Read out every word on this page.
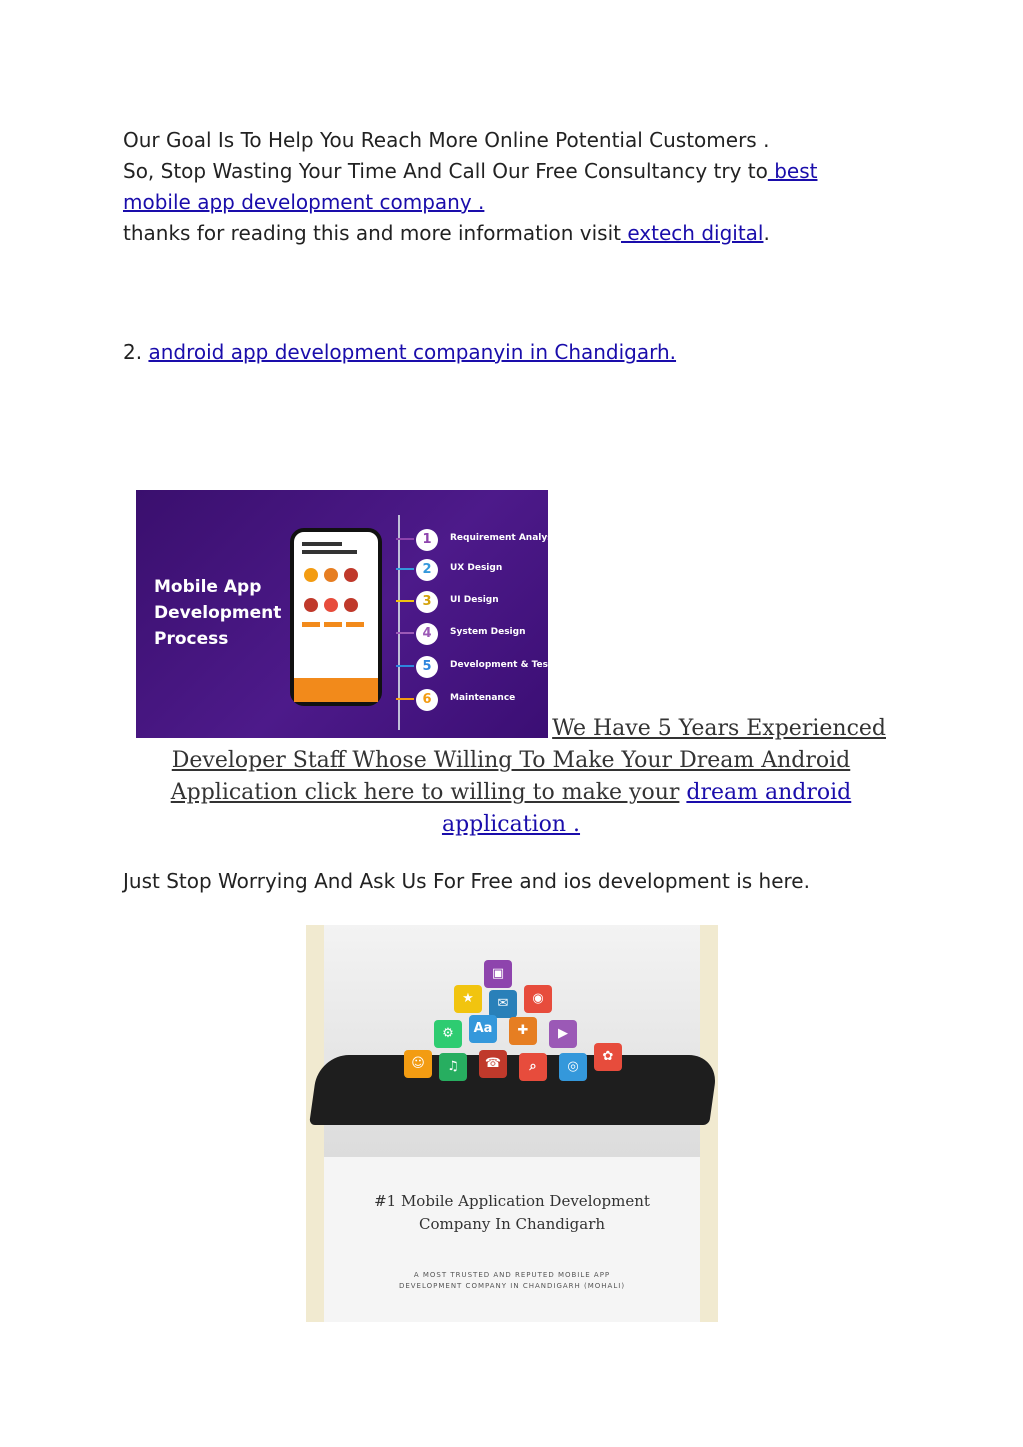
Our Goal Is To Help You Reach More Online Potential Customers .
So, Stop Wasting Your Time And Call Our Free Consultancy try to best mobile app development company .
thanks for reading this and more information visit extech digital.
2. android app development companyin in Chandigarh.
Mobile App
Development
Process
1	Requirement Analysis
2	UX Design
3	UI Design
4	System Design
5	Development & Testing
6	Maintenance
We Have 5 Years Experienced
Developer Staff Whose Willing To Make Your Dream Android Application click here to willing to make your dream android application .
Just Stop Worrying And Ask Us For Free and ios development is here.
▣
★	✉	◉
⚙	Aa	✚	▶
☺	♫	☎	⌕	◎
✿
#1 Mobile Application Development
Company In Chandigarh
A MOST TRUSTED AND REPUTED MOBILE APP
DEVELOPMENT COMPANY IN CHANDIGARH (MOHALI)
